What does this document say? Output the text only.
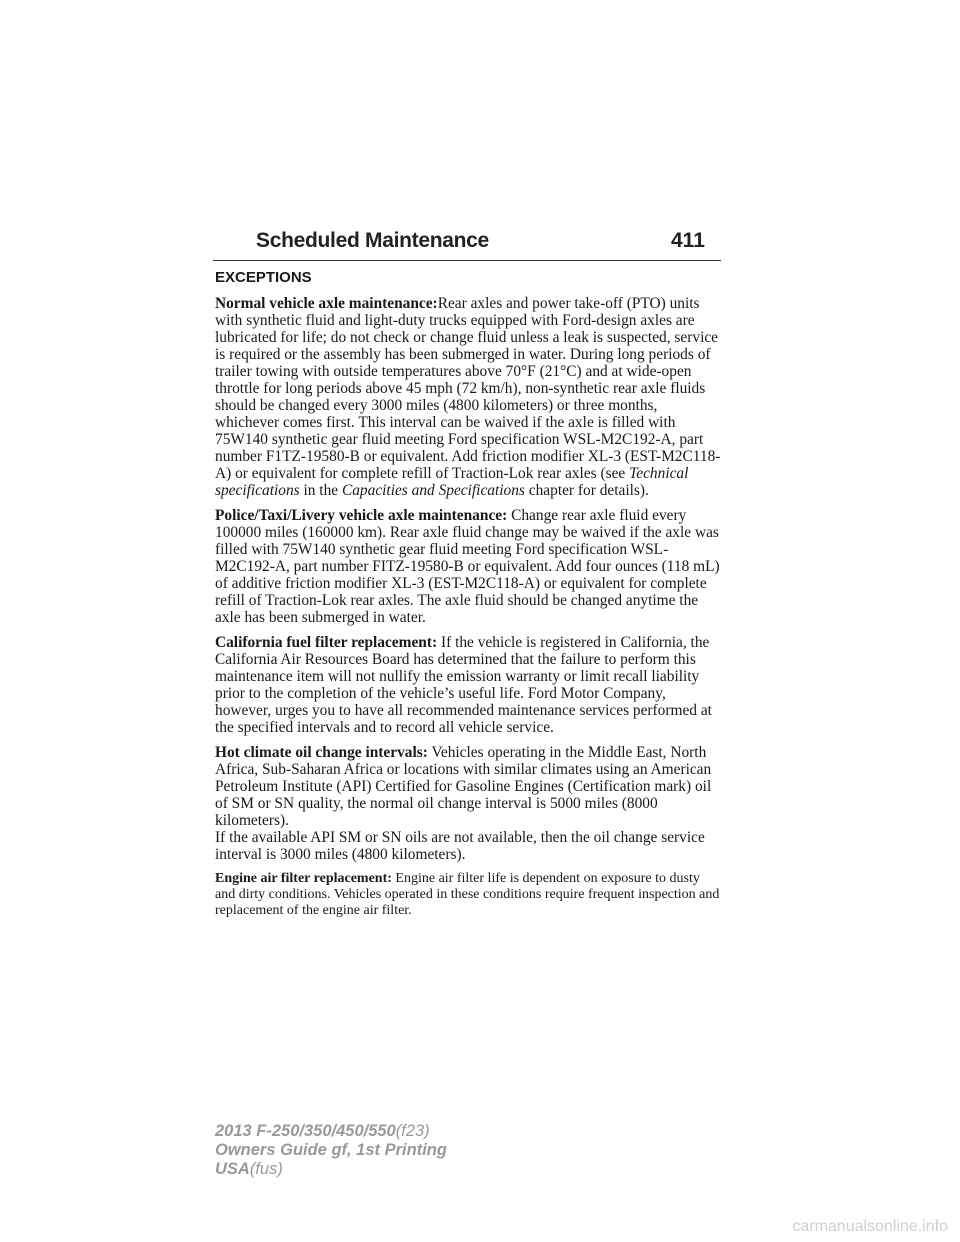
Scheduled Maintenance	411
EXCEPTIONS

Normal vehicle axle maintenance:Rear axles and power take-off (PTO) units with synthetic fluid and light-duty trucks equipped with Ford-design axles are lubricated for life; do not check or change fluid unless a leak is suspected, service is required or the assembly has been submerged in water. During long periods of trailer towing with outside temperatures above 70°F (21°C) and at wide-open throttle for long periods above 45 mph (72 km/h), non-synthetic rear axle fluids should be changed every 3000 miles (4800 kilometers) or three months, whichever comes first. This interval can be waived if the axle is filled with 75W140 synthetic gear fluid meeting Ford specification WSL-M2C192-A, part number F1TZ-19580-B or equivalent. Add friction modifier XL-3 (EST-M2C118-A) or equivalent for complete refill of Traction-Lok rear axles (see Technical specifications in the Capacities and Specifications chapter for details).

Police/Taxi/Livery vehicle axle maintenance: Change rear axle fluid every 100000 miles (160000 km). Rear axle fluid change may be waived if the axle was filled with 75W140 synthetic gear fluid meeting Ford specification WSL-M2C192-A, part number FITZ-19580-B or equivalent. Add four ounces (118 mL) of additive friction modifier XL-3 (EST-M2C118-A) or equivalent for complete refill of Traction-Lok rear axles. The axle fluid should be changed anytime the axle has been submerged in water.

California fuel filter replacement: If the vehicle is registered in California, the California Air Resources Board has determined that the failure to perform this maintenance item will not nullify the emission warranty or limit recall liability prior to the completion of the vehicle’s useful life. Ford Motor Company, however, urges you to have all recommended maintenance services performed at the specified intervals and to record all vehicle service.

Hot climate oil change intervals: Vehicles operating in the Middle East, North Africa, Sub-Saharan Africa or locations with similar climates using an American Petroleum Institute (API) Certified for Gasoline Engines (Certification mark) oil of SM or SN quality, the normal oil change interval is 5000 miles (8000 kilometers).

If the available API SM or SN oils are not available, then the oil change service interval is 3000 miles (4800 kilometers).

Engine air filter replacement: Engine air filter life is dependent on exposure to dusty and dirty conditions. Vehicles operated in these conditions require frequent inspection and replacement of the engine air filter.

2013 F-250/350/450/550(f23)
Owners Guide gf, 1st Printing
USA(fus)
carmanualsonline.info
